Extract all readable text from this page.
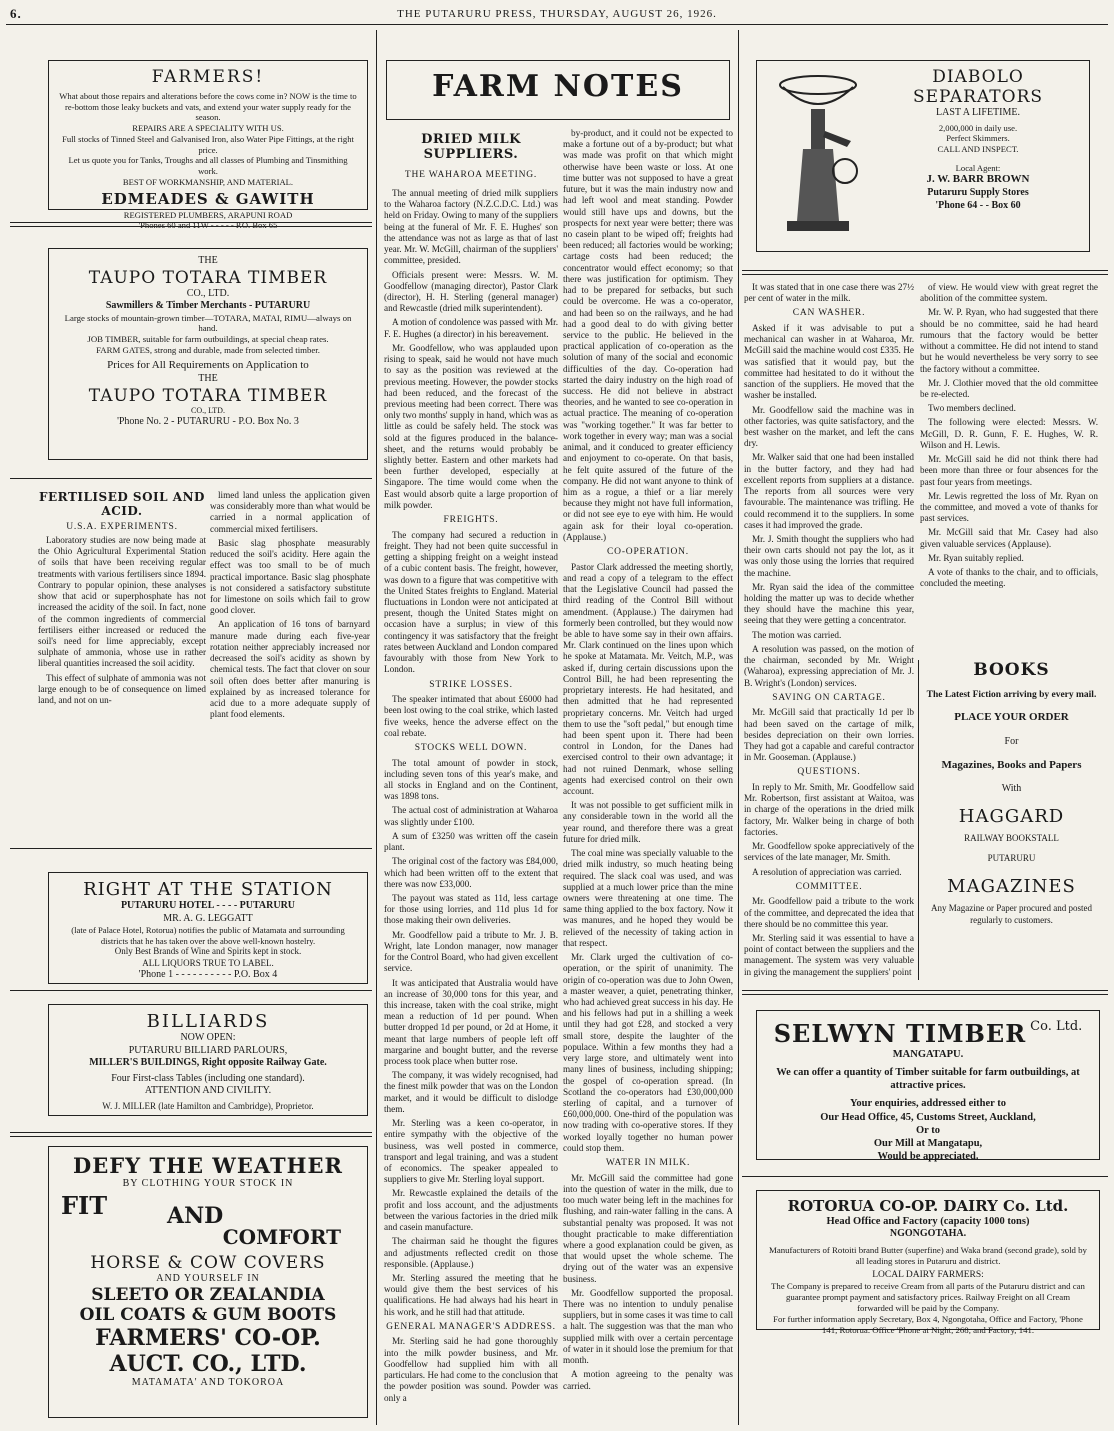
6.	THE PUTARURU PRESS, THURSDAY, AUGUST 26, 1926.
FARMERS!

What about those repairs and alterations before the cows come in? NOW is the time to re-bottom those leaky buckets and vats, and extend your water supply ready for the season.

REPAIRS ARE A SPECIALITY WITH US.

Full stocks of Tinned Steel and Galvanised Iron, also Water Pipe Fittings, at the right price.

Let us quote you for Tanks, Troughs and all classes of Plumbing and Tinsmithing work.

BEST OF WORKMANSHIP, AND MATERIAL.

EDMEADES & GAWITH

REGISTERED PLUMBERS, ARAPUNI ROAD

'Phones 60 and 11W - - - - - P.O. Box 65

THE

TAUPO TOTARA TIMBER

CO., LTD.

Sawmillers & Timber Merchants - PUTARURU

Large stocks of mountain-grown timber—TOTARA, MATAI, RIMU—always on hand.

JOB TIMBER, suitable for farm outbuildings, at special cheap rates.

FARM GATES, strong and durable, made from selected timber.

Prices for All Requirements on Application to

THE

TAUPO TOTARA TIMBER

CO., LTD.

'Phone No. 2 - PUTARURU - P.O. Box No. 3

FERTILISED SOIL AND ACID.
U.S.A. EXPERIMENTS.

Laboratory studies are now being made at the Ohio Agricultural Experimental Station of soils that have been receiving regular treatments with various fertilisers since 1894. Contrary to popular opinion, these analyses show that acid or superphosphate has not increased the acidity of the soil. In fact, none of the common ingredients of commercial fertilisers either increased or reduced the soil's need for lime appreciably, except sulphate of ammonia, whose use in rather liberal quantities increased the soil acidity.

This effect of sulphate of ammonia was not large enough to be of consequence on limed land, and not on un-

limed land unless the application given was considerably more than what would be carried in a normal application of commercial mixed fertilisers.

Basic slag phosphate measurably reduced the soil's acidity. Here again the effect was too small to be of much practical importance. Basic slag phosphate is not considered a satisfactory substitute for limestone on soils which fail to grow good clover.

An application of 16 tons of barnyard manure made during each five-year rotation neither appreciably increased nor decreased the soil's acidity as shown by chemical tests. The fact that clover on sour soil often does better after manuring is explained by as increased tolerance for acid due to a more adequate supply of plant food elements.

RIGHT AT THE STATION

PUTARURU HOTEL - - - - PUTARURU

MR. A. G. LEGGATT

(late of Palace Hotel, Rotorua) notifies the public of Matamata and surrounding districts that he has taken over the above well-known hostelry.

Only Best Brands of Wine and Spirits kept in stock.

ALL LIQUORS TRUE TO LABEL.

'Phone 1 - - - - - - - - - - P.O. Box 4

BILLIARDS

NOW OPEN:

PUTARURU BILLIARD PARLOURS,

MILLER'S BUILDINGS, Right opposite Railway Gate.

Four First-class Tables (including one standard).

ATTENTION AND CIVILITY.

W. J. MILLER (late Hamilton and Cambridge), Proprietor.

DEFY THE WEATHER

BY CLOTHING YOUR STOCK IN

FIT	AND
COMFORT
HORSE & COW COVERS

AND YOURSELF IN

SLEETO OR ZEALANDIA
OIL COATS & GUM BOOTS
FARMERS' CO-OP.
AUCT. CO., LTD.

MATAMATA' AND TOKOROA

FARM NOTES
DRIED MILK SUPPLIERS.
THE WAHAROA MEETING.

The annual meeting of dried milk suppliers to the Waharoa factory (N.Z.C.D.C. Ltd.) was held on Friday. Owing to many of the suppliers being at the funeral of Mr. F. E. Hughes' son the attendance was not as large as that of last year. Mr. W. McGill, chairman of the suppliers' committee, presided.

Officials present were: Messrs. W. M. Goodfellow (managing director), Pastor Clark (director), H. H. Sterling (general manager) and Rewcastle (dried milk superintendent).

A motion of condolence was passed with Mr. F. E. Hughes (a director) in his bereavement.

Mr. Goodfellow, who was applauded upon rising to speak, said he would not have much to say as the position was reviewed at the previous meeting. However, the powder stocks had been reduced, and the forecast of the previous meeting had been correct. There was only two months' supply in hand, which was as little as could be safely held. The stock was sold at the figures produced in the balance-sheet, and the returns would probably be slightly better. Eastern and other markets had been further developed, especially at Singapore. The time would come when the East would absorb quite a large proportion of milk powder.

FREIGHTS.

The company had secured a reduction in freight. They had not been quite successful in getting a shipping freight on a weight instead of a cubic content basis. The freight, however, was down to a figure that was competitive with the United States freights to England. Material fluctuations in London were not anticipated at present, though the United States might on occasion have a surplus; in view of this contingency it was satisfactory that the freight rates between Auckland and London compared favourably with those from New York to London.

STRIKE LOSSES.

The speaker intimated that about £6000 had been lost owing to the coal strike, which lasted five weeks, hence the adverse effect on the coal rebate.

STOCKS WELL DOWN.

The total amount of powder in stock, including seven tons of this year's make, and all stocks in England and on the Continent, was 1898 tons.

The actual cost of administration at Waharoa was slightly under £100.

A sum of £3250 was written off the casein plant.

The original cost of the factory was £84,000, which had been written off to the extent that there was now £33,000.

The payout was stated as 11d, less cartage for those using lorries, and 11d plus 1d for those making their own deliveries.

Mr. Goodfellow paid a tribute to Mr. J. B. Wright, late London manager, now manager for the Control Board, who had given excellent service.

It was anticipated that Australia would have an increase of 30,000 tons for this year, and this increase, taken with the coal strike, might mean a reduction of 1d per pound. When butter dropped 1d per pound, or 2d at Home, it meant that large numbers of people left off margarine and bought butter, and the reverse process took place when butter rose.

The company, it was widely recognised, had the finest milk powder that was on the London market, and it would be difficult to dislodge them.

Mr. Sterling was a keen co-operator, in entire sympathy with the objective of the business, was well posted in commerce, transport and legal training, and was a student of economics. The speaker appealed to suppliers to give Mr. Sterling loyal support.

Mr. Rewcastle explained the details of the profit and loss account, and the adjustments between the various factories in the dried milk and casein manufacture.

The chairman said he thought the figures and adjustments reflected credit on those responsible. (Applause.)

Mr. Sterling assured the meeting that he would give them the best services of his qualifications. He had always had his heart in his work, and he still had that attitude.

GENERAL MANAGER'S ADDRESS.

Mr. Sterling said he had gone thoroughly into the milk powder business, and Mr. Goodfellow had supplied him with all particulars. He had come to the conclusion that the powder position was sound. Powder was only a

by-product, and it could not be expected to make a fortune out of a by-product; but what was made was profit on that which might otherwise have been waste or loss. At one time butter was not supposed to have a great future, but it was the main industry now and had left wool and meat standing. Powder would still have ups and downs, but the prospects for next year were better; there was no casein plant to be wiped off; freights had been reduced; all factories would be working; cartage costs had been reduced; the concentrator would effect economy; so that there was justification for optimism. They had to be prepared for setbacks, but such could be overcome. He was a co-operator, and had been so on the railways, and he had had a good deal to do with giving better service to the public. He believed in the practical application of co-operation as the solution of many of the social and economic difficulties of the day. Co-operation had started the dairy industry on the high road of success. He did not believe in abstract theories, and he wanted to see co-operation in actual practice. The meaning of co-operation was "working together." It was far better to work together in every way; man was a social animal, and it conduced to greater efficiency and enjoyment to co-operate. On that basis, he felt quite assured of the future of the company. He did not want anyone to think of him as a rogue, a thief or a liar merely because they might not have full information, or did not see eye to eye with him. He would again ask for their loyal co-operation. (Applause.)

CO-OPERATION.

Pastor Clark addressed the meeting shortly, and read a copy of a telegram to the effect that the Legislative Council had passed the third reading of the Control Bill without amendment. (Applause.) The dairymen had formerly been controlled, but they would now be able to have some say in their own affairs. Mr. Clark continued on the lines upon which he spoke at Matamata. Mr. Veitch, M.P., was asked if, during certain discussions upon the Control Bill, he had been representing the proprietary interests. He had hesitated, and then admitted that he had represented proprietary concerns. Mr. Veitch had urged them to use the "soft pedal," but enough time had been spent upon it. There had been control in London, for the Danes had exercised control to their own advantage; it had not ruined Denmark, whose selling agents had exercised control on their own account.

It was not possible to get sufficient milk in any considerable town in the world all the year round, and therefore there was a great future for dried milk.

The coal mine was specially valuable to the dried milk industry, so much heating being required. The slack coal was used, and was supplied at a much lower price than the mine owners were threatening at one time. The same thing applied to the box factory. Now it was manures, and he hoped they would be relieved of the necessity of taking action in that respect.

Mr. Clark urged the cultivation of co-operation, or the spirit of unanimity. The origin of co-operation was due to John Owen, a master weaver, a quiet, penetrating thinker, who had achieved great success in his day. He and his fellows had put in a shilling a week until they had got £28, and stocked a very small store, despite the laughter of the populace. Within a few months they had a very large store, and ultimately went into many lines of business, including shipping; the gospel of co-operation spread. (In Scotland the co-operators had £30,000,000 sterling of capital, and a turnover of £60,000,000. One-third of the population was now trading with co-operative stores. If they worked loyally together no human power could stop them.

WATER IN MILK.

Mr. McGill said the committee had gone into the question of water in the milk, due to too much water being left in the machines for flushing, and rain-water falling in the cans. A substantial penalty was proposed. It was not thought practicable to make differentiation where a good explanation could be given, as that would upset the whole scheme. The drying out of the water was an expensive business.

Mr. Goodfellow supported the proposal. There was no intention to unduly penalise suppliers, but in some cases it was time to call a halt. The suggestion was that the man who supplied milk with over a certain percentage of water in it should lose the premium for that month.

A motion agreeing to the penalty was carried.

DIABOLO
SEPARATORS

LAST A LIFETIME.

2,000,000 in daily use.

Perfect Skimmers.

CALL AND INSPECT.

Local Agent:

J. W. BARR BROWN

Putaruru Supply Stores

'Phone 64 - - Box 60

It was stated that in one case there was 27½ per cent of water in the milk.

CAN WASHER.

Asked if it was advisable to put a mechanical can washer in at Waharoa, Mr. McGill said the machine would cost £335. He was satisfied that it would pay, but the committee had hesitated to do it without the sanction of the suppliers. He moved that the washer be installed.

Mr. Goodfellow said the machine was in other factories, was quite satisfactory, and the best washer on the market, and left the cans dry.

Mr. Walker said that one had been installed in the butter factory, and they had had excellent reports from suppliers at a distance. The reports from all sources were very favourable. The maintenance was trifling. He could recommend it to the suppliers. In some cases it had improved the grade.

Mr. J. Smith thought the suppliers who had their own carts should not pay the lot, as it was only those using the lorries that required the machine.

Mr. Ryan said the idea of the committee holding the matter up was to decide whether they should have the machine this year, seeing that they were getting a concentrator.

The motion was carried.

A resolution was passed, on the motion of the chairman, seconded by Mr. Wright (Waharoa), expressing appreciation of Mr. J. B. Wright's (London) services.

SAVING ON CARTAGE.

Mr. McGill said that practically 1d per lb had been saved on the cartage of milk, besides depreciation on their own lorries. They had got a capable and careful contractor in Mr. Gooseman. (Applause.)

QUESTIONS.

In reply to Mr. Smith, Mr. Goodfellow said Mr. Robertson, first assistant at Waitoa, was in charge of the operations in the dried milk factory, Mr. Walker being in charge of both factories.

Mr. Goodfellow spoke appreciatively of the services of the late manager, Mr. Smith.

A resolution of appreciation was carried.

COMMITTEE.

Mr. Goodfellow paid a tribute to the work of the committee, and deprecated the idea that there should be no committee this year.

Mr. Sterling said it was essential to have a point of contact between the suppliers and the management. The system was very valuable in giving the management the suppliers' point

of view. He would view with great regret the abolition of the committee system.

Mr. W. P. Ryan, who had suggested that there should be no committee, said he had heard rumours that the factory would be better without a committee. He did not intend to stand but he would nevertheless be very sorry to see the factory without a committee.

Mr. J. Clothier moved that the old committee be re-elected.

Two members declined.

The following were elected: Messrs. W. McGill, D. R. Gunn, F. E. Hughes, W. R. Wilson and H. Lewis.

Mr. McGill said he did not think there had been more than three or four absences for the past four years from meetings.

Mr. Lewis regretted the loss of Mr. Ryan on the committee, and moved a vote of thanks for past services.

Mr. McGill said that Mr. Casey had also given valuable services (Applause).

Mr. Ryan suitably replied.

A vote of thanks to the chair, and to officials, concluded the meeting.

BOOKS

The Latest Fiction arriving by every mail.

PLACE YOUR ORDER

For

Magazines, Books and Papers

With

HAGGARD

RAILWAY BOOKSTALL

PUTARURU

MAGAZINES

Any Magazine or Paper procured and posted regularly to customers.

SELWYN TIMBER $^{Co. Ltd.}$

MANGATAPU.

We can offer a quantity of Timber suitable for farm outbuildings, at attractive prices.

Your enquiries, addressed either to

Our Head Office, 45, Customs Street, Auckland,

Or to

Our Mill at Mangatapu,

Would be appreciated.

ROTORUA CO-OP. DAIRY Co. Ltd.

Head Office and Factory (capacity 1000 tons)

NGONGOTAHA.

Manufacturers of Rotoiti brand Butter (superfine) and Waka brand (second grade), sold by all leading stores in Putaruru and district.

LOCAL DAIRY FARMERS:

The Company is prepared to receive Cream from all parts of the Putaruru district and can guarantee prompt payment and satisfactory prices. Railway Freight on all Cream forwarded will be paid by the Company.

For further information apply Secretary, Box 4, Ngongotaha, Office and Factory, 'Phone 141, Rotorua. Office 'Phone at Night, 268, and Factory, 141.
